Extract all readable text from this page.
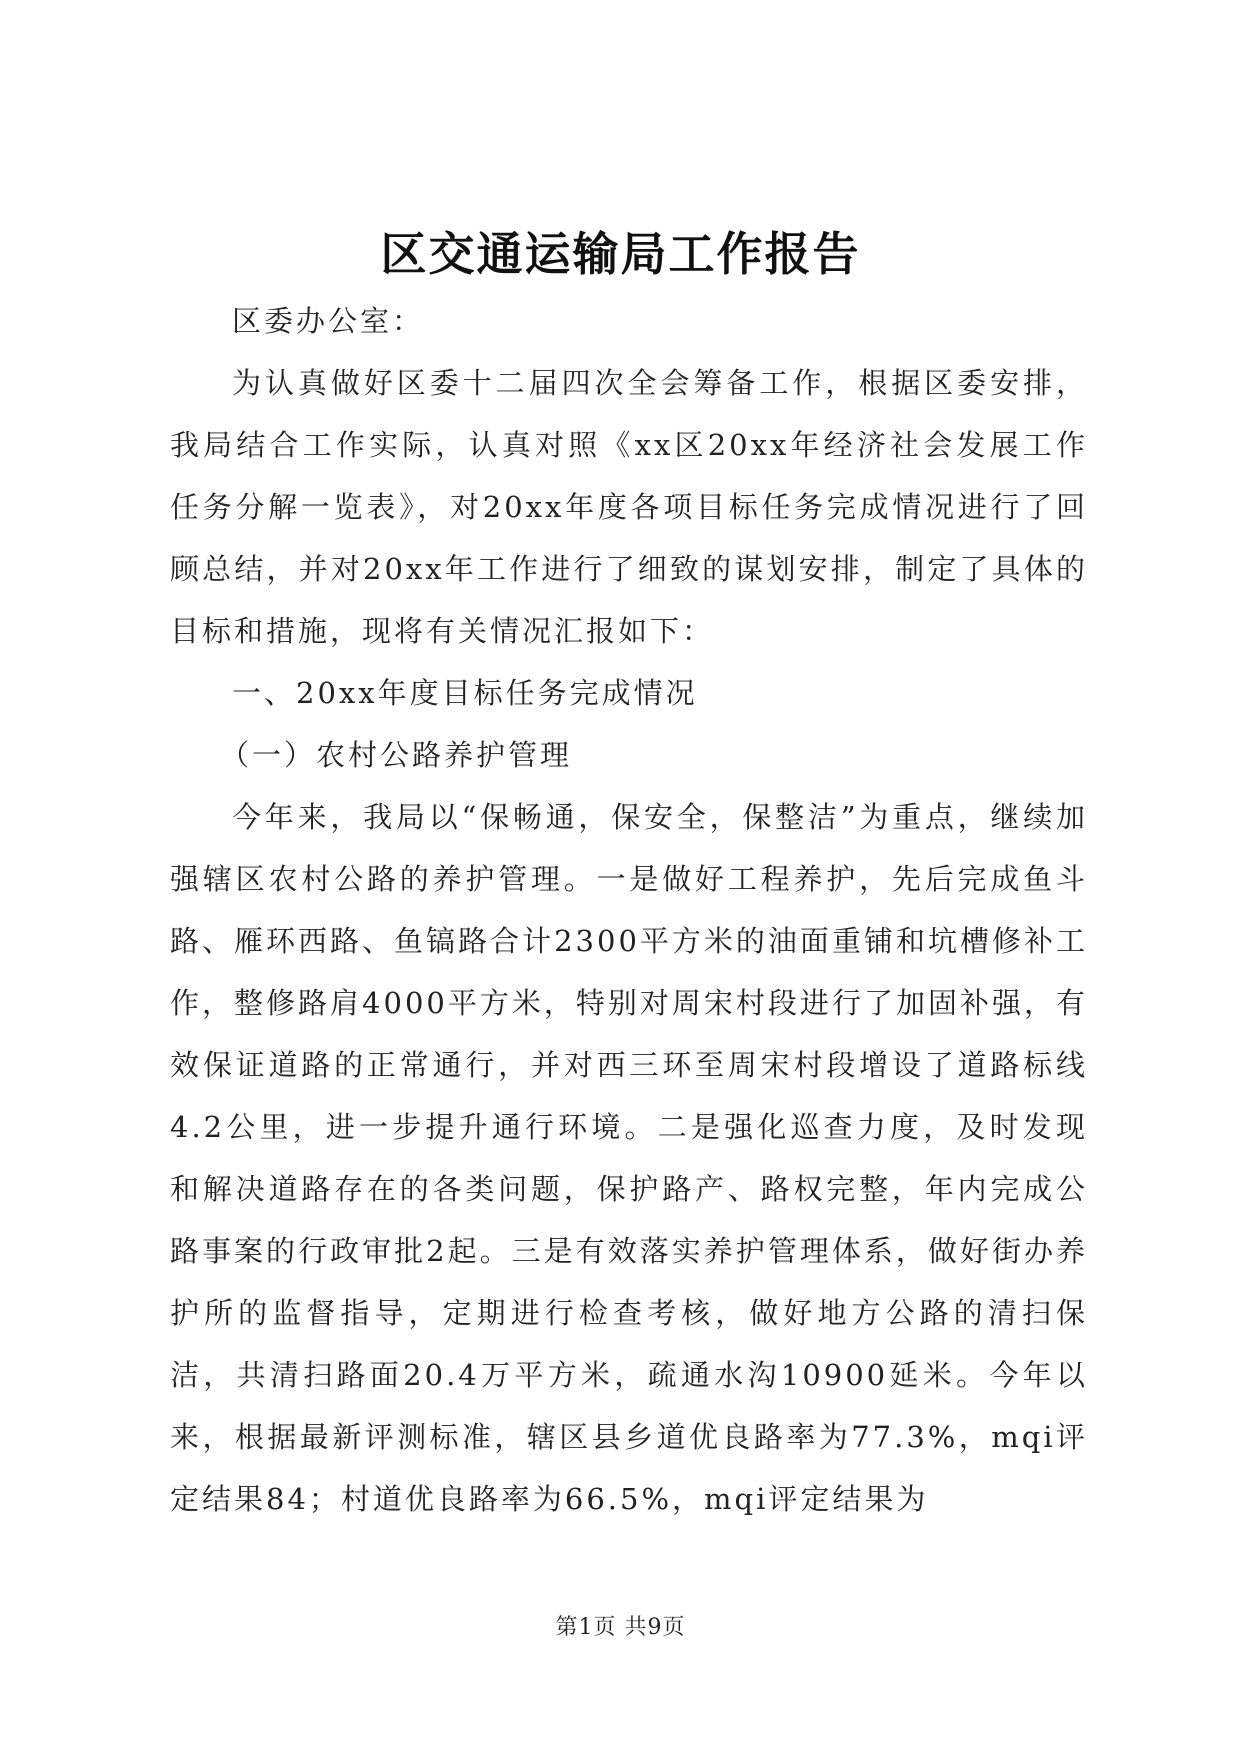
区交通运输局工作报告

区委办公室：

为认真做好区委十二届四次全会筹备工作，根据区委安排，我局结合工作实际，认真对照《xx区20xx年经济社会发展工作任务分解一览表》，对20xx年度各项目标任务完成情况进行了回顾总结，并对20xx年工作进行了细致的谋划安排，制定了具体的目标和措施，现将有关情况汇报如下：

一、20xx年度目标任务完成情况

（一）农村公路养护管理

今年来，我局以“保畅通，保安全，保整洁”为重点，继续加强辖区农村公路的养护管理。一是做好工程养护，先后完成鱼斗路、雁环西路、鱼镐路合计2300平方米的油面重铺和坑槽修补工作，整修路肩4000平方米，特别对周宋村段进行了加固补强，有效保证道路的正常通行，并对西三环至周宋村段增设了道路标线4.2公里，进一步提升通行环境。二是强化巡查力度，及时发现和解决道路存在的各类问题，保护路产、路权完整，年内完成公路事案的行政审批2起。三是有效落实养护管理体系，做好街办养护所的监督指导，定期进行检查考核，做好地方公路的清扫保洁，共清扫路面20.4万平方米，疏通水沟10900延米。今年以来，根据最新评测标准，辖区县乡道优良路率为77.3%，mqi评定结果84；村道优良路率为66.5%，mqi评定结果为

第1页 共9页
